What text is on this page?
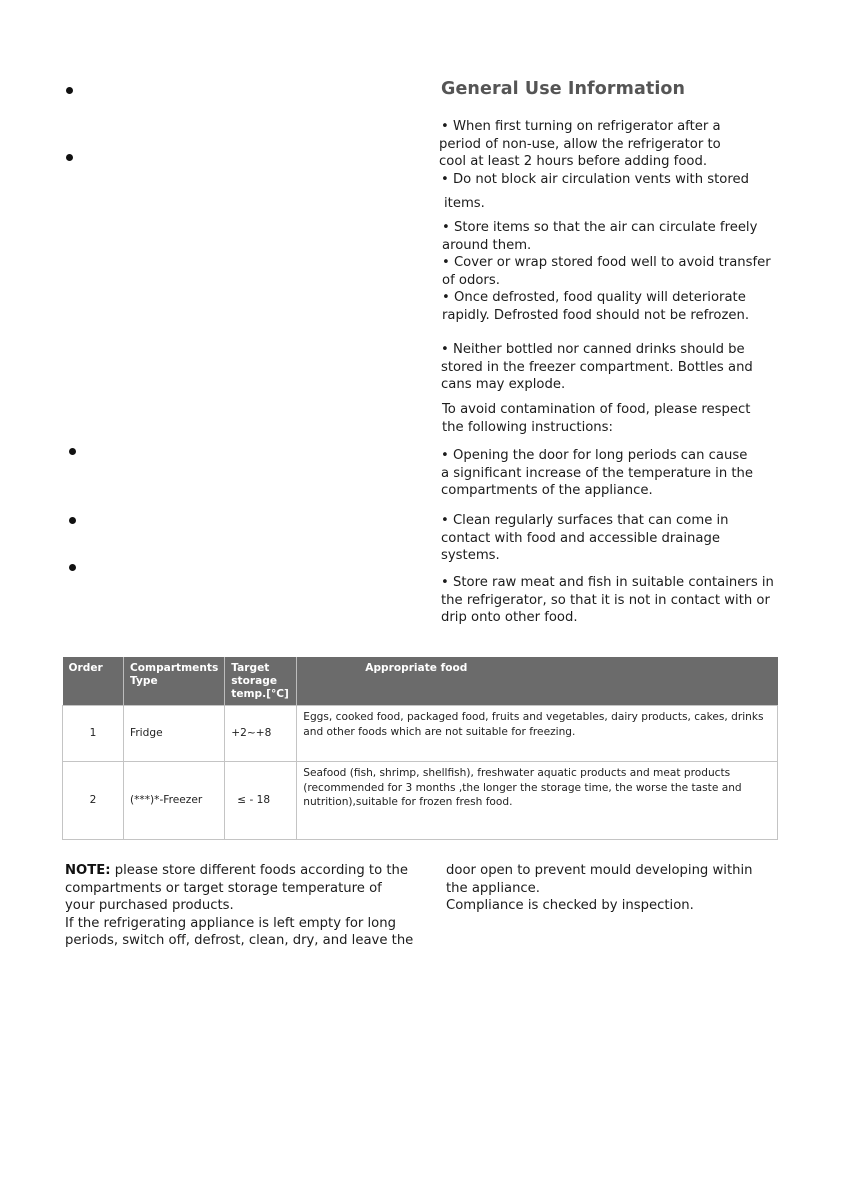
General Use Information
• When first turning on refrigerator after a
period of non-use, allow the refrigerator to
cool at least 2 hours before adding food.
• Do not block air circulation vents with stored
items.
• Store items so that the air can circulate freely
around them.
• Cover or wrap stored food well to avoid transfer
of odors.
• Once defrosted, food quality will deteriorate
rapidly. Defrosted food should not be refrozen.
• Neither bottled nor canned drinks should be
stored in the freezer compartment. Bottles and
cans may explode.
To avoid contamination of food, please respect
the following instructions:
• Opening the door for long periods can cause
a significant increase of the temperature in the
compartments of the appliance.
• Clean regularly surfaces that can come in
contact with food and accessible drainage
systems.
• Store raw meat and fish in suitable containers in
the refrigerator, so that it is not in contact with or
drip onto other food.
Order	Compartments Type	Target storage temp.[°C]	Appropriate food
1	Fridge	+2~+8	Eggs, cooked food, packaged food, fruits and vegetables, dairy products, cakes, drinks and other foods which are not suitable for freezing.
2	(***)*-Freezer	≤ - 18	Seafood (fish, shrimp, shellfish), freshwater aquatic products and meat products (recommended for 3 months ,the longer the storage time, the worse the taste and nutrition),suitable for frozen fresh food.
NOTE: please store different foods according to the
compartments or target storage temperature of
your purchased products.
If the refrigerating appliance is left empty for long
periods, switch off, defrost, clean, dry, and leave the
door open to prevent mould developing within
the appliance.
Compliance is checked by inspection.
